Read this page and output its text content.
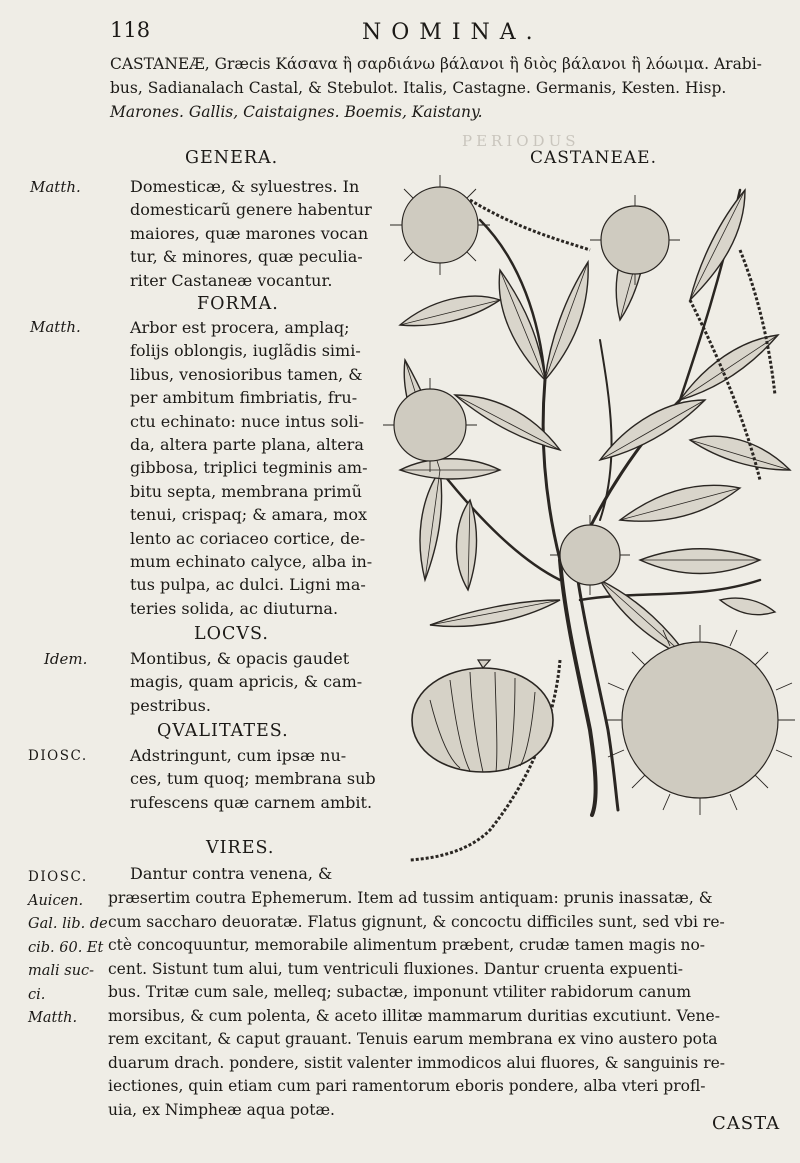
PERIODUS
118	NOMINA.
CASTANEÆ, Græcis Κάσαvα ἢ σαρδιάνω βάλανοι ἢ διὸς βάλανοι ἢ λόωιμα. Arabi-
bus, Sadianalach Castal, & Stebulot. Italis, Castagne. Germanis, Kesten. Hisp.
Marones. Gallis, Caistaignes. Boemis, Kaistany.
CASTANEAE.
GENERA.
Matth.	Domesticæ, & syluestres. In
domesticarũ genere habentur
maiores, quæ marones vocan
tur, & minores, quæ peculia-
riter Castaneæ vocantur.
FORMA.
Matth.	Arbor est procera, amplaq;
folijs oblongis, iuglãdis simi-
libus, venosioribus tamen, &
per ambitum fimbriatis, fru-
ctu echinato: nuce intus soli-
da, altera parte plana, altera
gibbosa, triplici tegminis am-
bitu septa, membrana primũ
tenui, crispaq; & amara, mox
lento ac coriaceo cortice, de-
mum echinato calyce, alba in-
tus pulpa, ac dulci. Ligni ma-
teries solida, ac diuturna.
LOCVS.
Idem.	Montibus, & opacis gaudet
magis, quam apricis, & cam-
pestribus.
QVALITATES.
DIOSC.	Adstringunt, cum ipsæ nu-
ces, tum quoq; membrana sub
rufescens quæ carnem ambit.
VIRES.
DIOSC.
Auicen.
Gal. lib. de
cib. 60. Et
mali suc-
ci.
Matth.
Dantur contra venena, &
præsertim coutra Ephemerum. Item ad tussim antiquam: prunis inassatæ, &
cum saccharo deuoratæ. Flatus gignunt, & concoctu difficiles sunt, sed vbi re-
ctè concoquuntur, memorabile alimentum præbent, crudæ tamen magis no-
cent. Sistunt tum alui, tum ventriculi fluxiones. Dantur cruenta expuenti-
bus. Tritæ cum sale, melleq; subactæ, imponunt vtiliter rabidorum canum
morsibus, & cum polenta, & aceto illitæ mammarum duritias excutiunt. Vene-
rem excitant, & caput grauant. Tenuis earum membrana ex vino austero pota
duarum drach. pondere, sistit valenter immodicos alui fluores, & sanguinis re-
iectiones, quin etiam cum pari ramentorum eboris pondere, alba vteri profl-
uia, ex Nimpheæ aqua potæ.
CASTA
